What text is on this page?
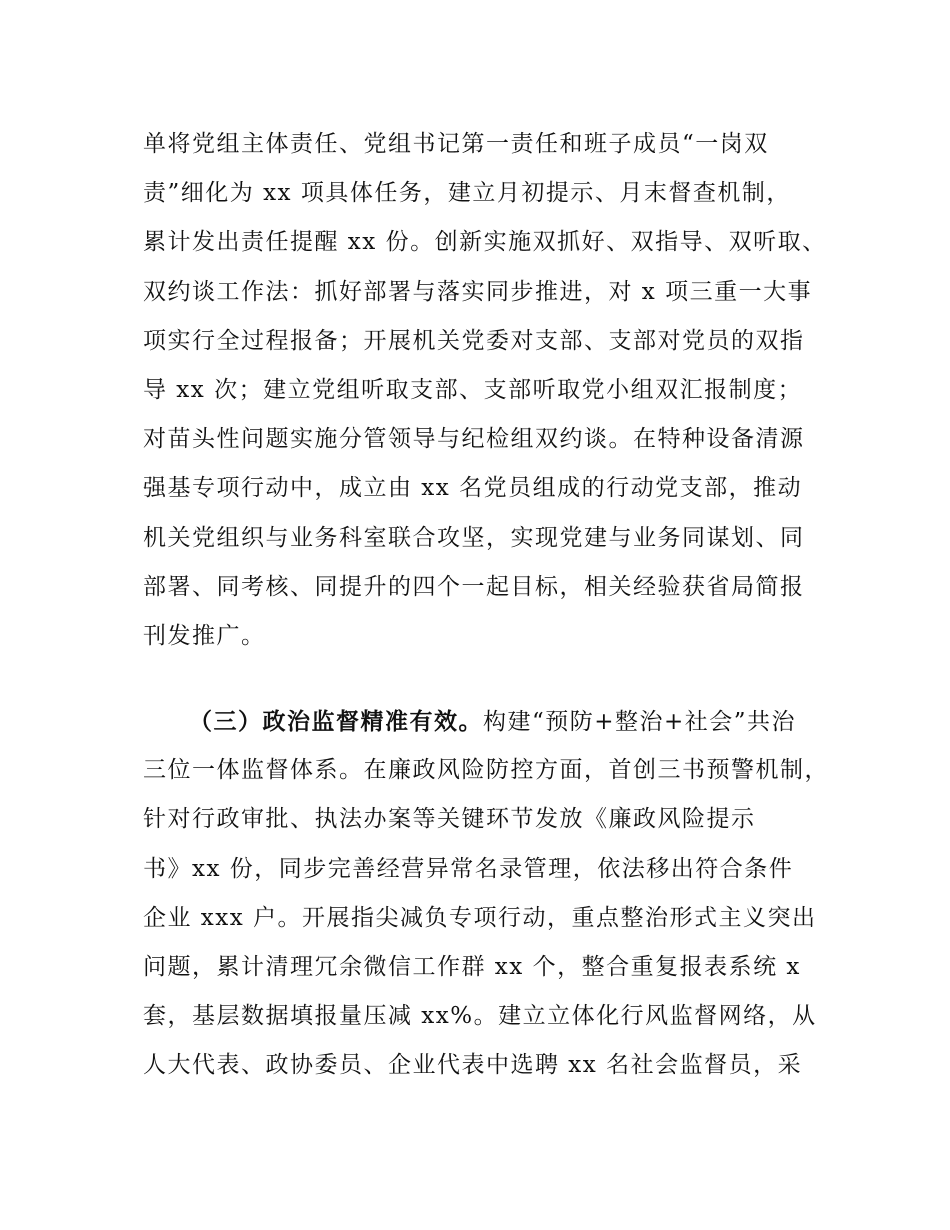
单将党组主体责任、党组书记第一责任和班子成员“一岗双
责”细化为 xx 项具体任务，建立月初提示、月末督查机制，
累计发出责任提醒 xx 份。创新实施双抓好、双指导、双听取、
双约谈工作法：抓好部署与落实同步推进，对 x 项三重一大事
项实行全过程报备；开展机关党委对支部、支部对党员的双指
导 xx 次；建立党组听取支部、支部听取党小组双汇报制度；
对苗头性问题实施分管领导与纪检组双约谈。在特种设备清源
强基专项行动中，成立由 xx 名党员组成的行动党支部，推动
机关党组织与业务科室联合攻坚，实现党建与业务同谋划、同
部署、同考核、同提升的四个一起目标，相关经验获省局简报
刊发推广。
（三）政治监督精准有效。构建“预防+整治+社会”共治
三位一体监督体系。在廉政风险防控方面，首创三书预警机制，
针对行政审批、执法办案等关键环节发放《廉政风险提示
书》xx 份，同步完善经营异常名录管理，依法移出符合条件
企业 xxx 户。开展指尖减负专项行动，重点整治形式主义突出
问题，累计清理冗余微信工作群 xx 个，整合重复报表系统 x
套，基层数据填报量压减 xx%。建立立体化行风监督网络，从
人大代表、政协委员、企业代表中选聘 xx 名社会监督员，采
